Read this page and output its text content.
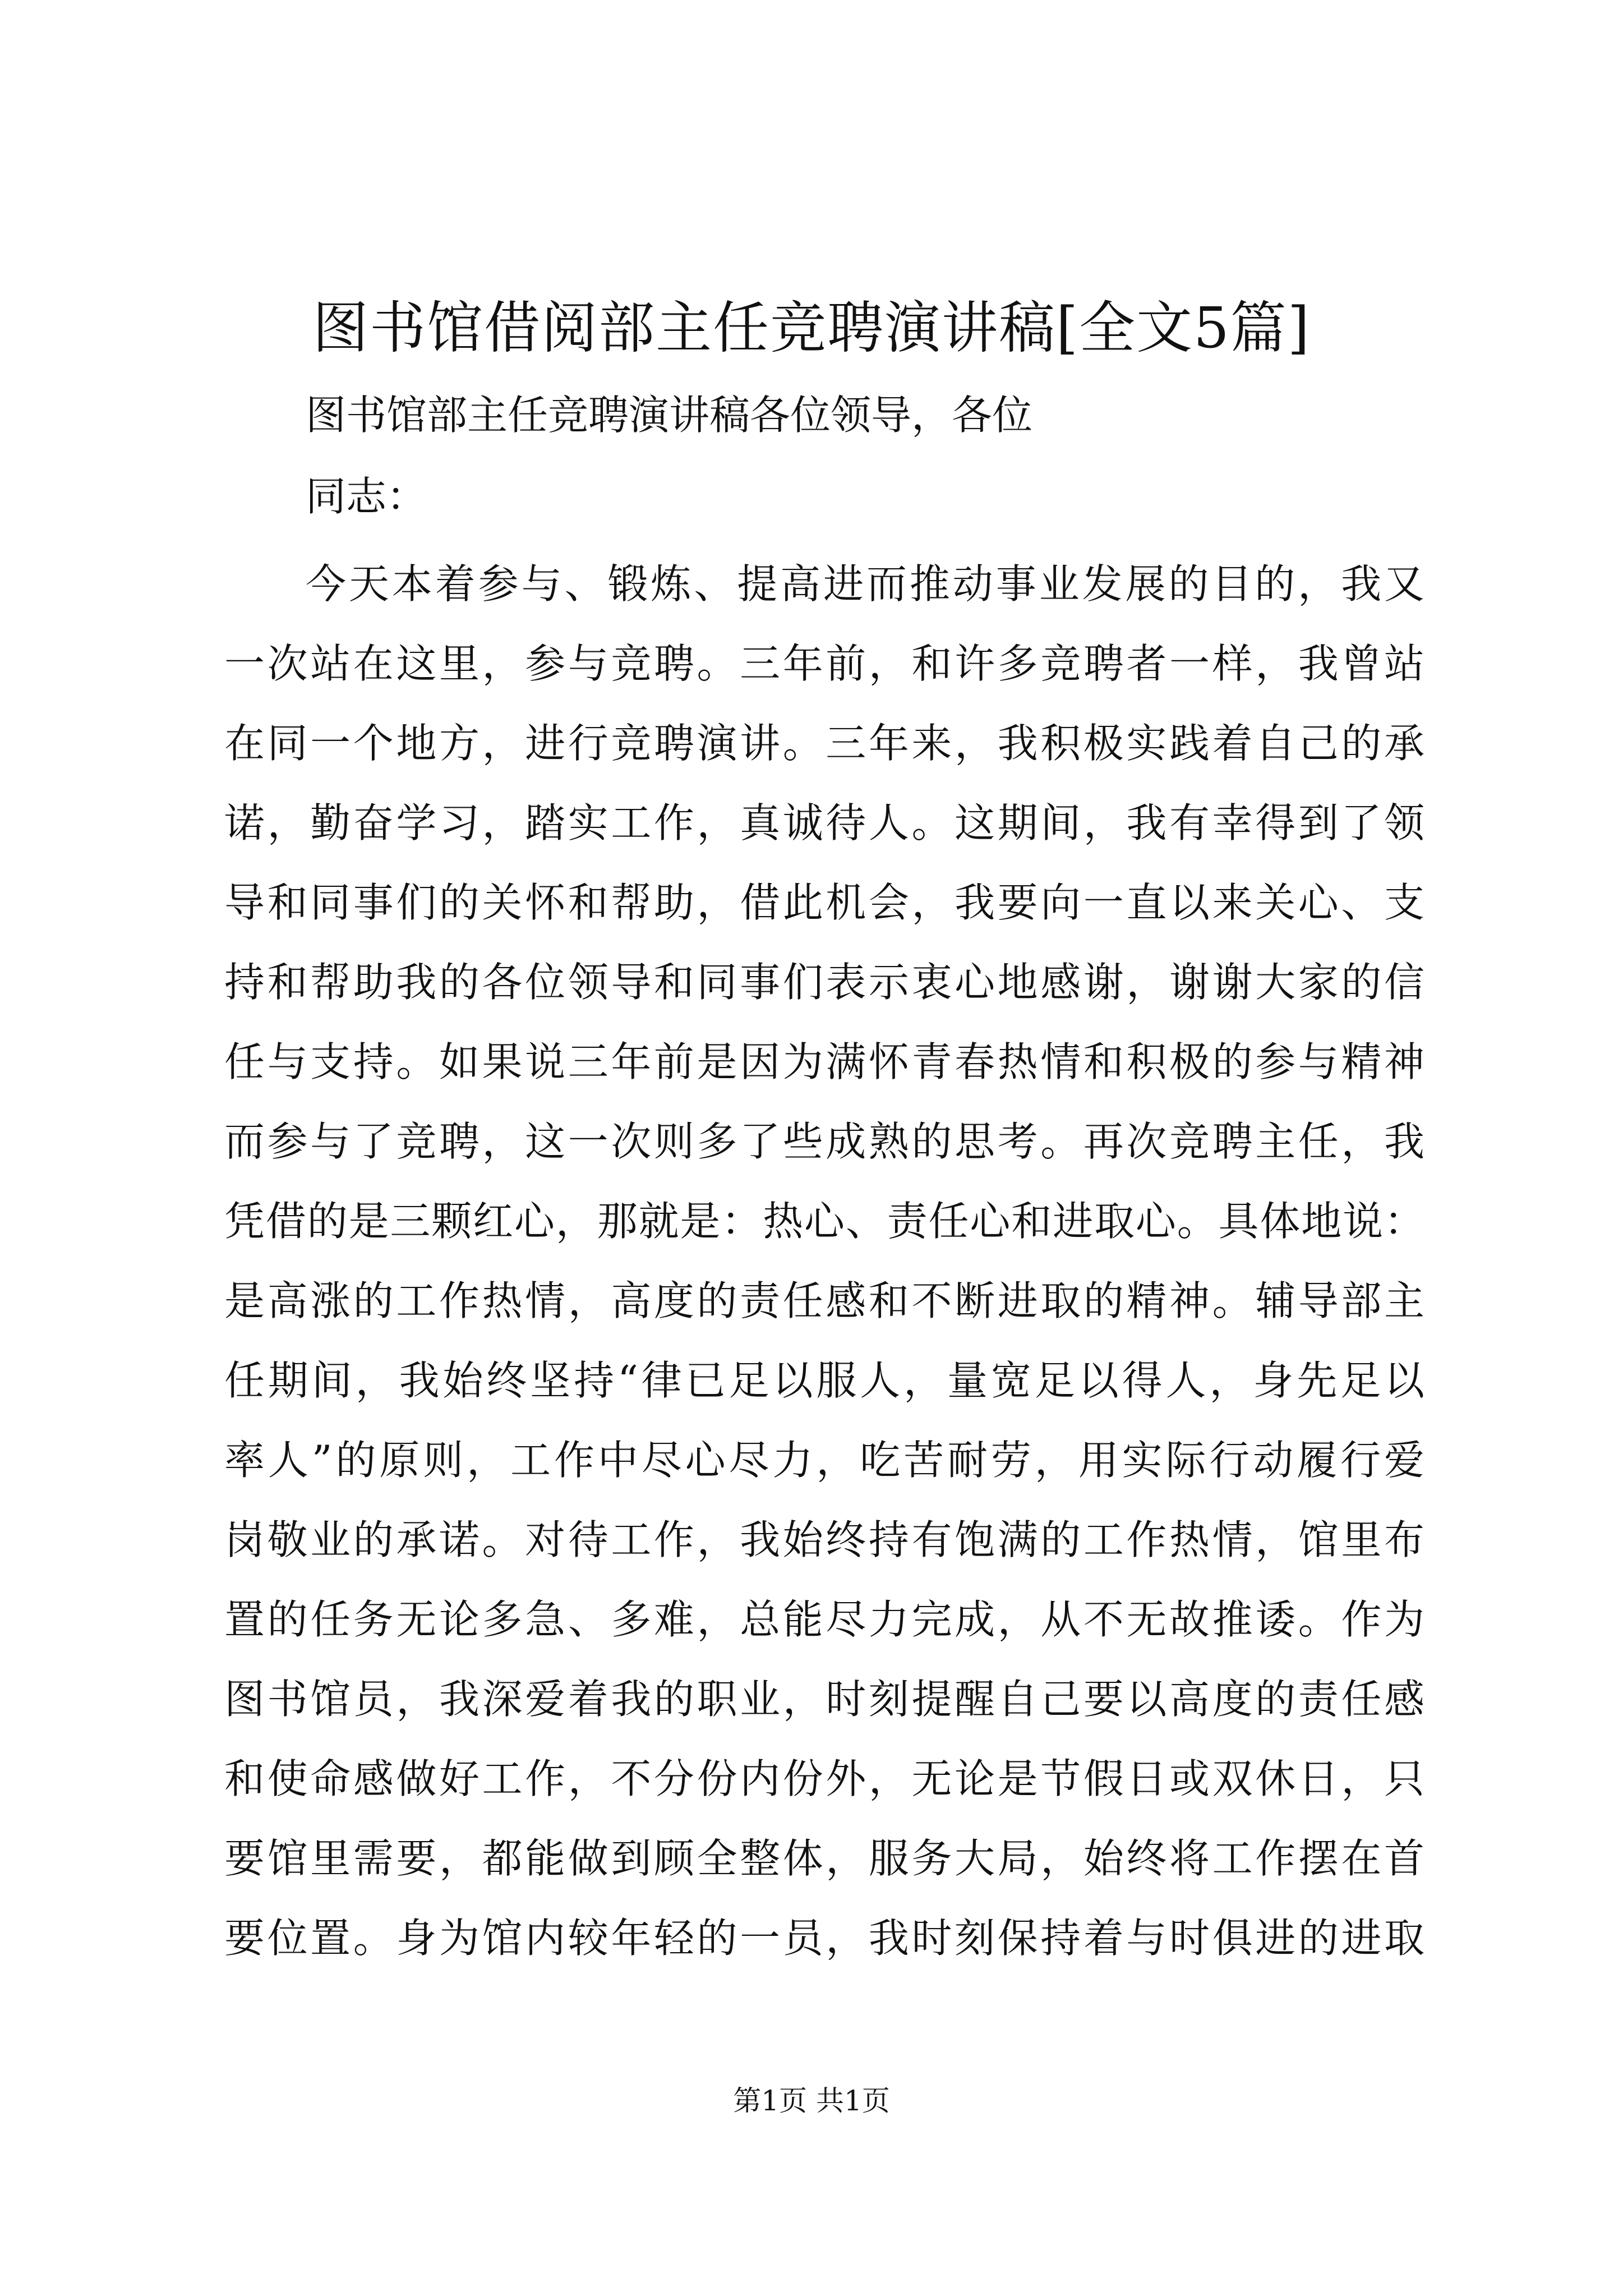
图书馆借阅部主任竞聘演讲稿[全文5篇]

图书馆部主任竞聘演讲稿各位领导，各位

同志：

今天本着参与、锻炼、提高进而推动事业发展的目的，我又
一次站在这里，参与竞聘。三年前，和许多竞聘者一样，我曾站
在同一个地方，进行竞聘演讲。三年来，我积极实践着自己的承
诺，勤奋学习，踏实工作，真诚待人。这期间，我有幸得到了领
导和同事们的关怀和帮助，借此机会，我要向一直以来关心、支
持和帮助我的各位领导和同事们表示衷心地感谢，谢谢大家的信
任与支持。如果说三年前是因为满怀青春热情和积极的参与精神
而参与了竞聘，这一次则多了些成熟的思考。再次竞聘主任，我
凭借的是三颗红心，那就是：热心、责任心和进取心。具体地说：
是高涨的工作热情，高度的责任感和不断进取的精神。辅导部主
任期间，我始终坚持“律已足以服人，量宽足以得人，身先足以
率人”的原则，工作中尽心尽力，吃苦耐劳，用实际行动履行爱
岗敬业的承诺。对待工作，我始终持有饱满的工作热情，馆里布
置的任务无论多急、多难，总能尽力完成，从不无故推诿。作为
图书馆员，我深爱着我的职业，时刻提醒自己要以高度的责任感
和使命感做好工作，不分份内份外，无论是节假日或双休日，只
要馆里需要，都能做到顾全整体，服务大局，始终将工作摆在首
要位置。身为馆内较年轻的一员，我时刻保持着与时俱进的进取

第1页 共1页
